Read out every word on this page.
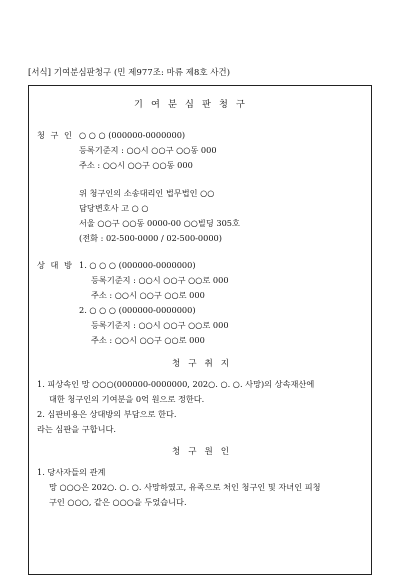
[서식] 기여분심판청구 (민 제977조: 마류 제8호 사건)
기 여 분 심 판 청 구
청 구 인 ○ ○ ○ (000000-0000000)
등록기준지 : ○○시 ○○구 ○○동 000
주소 : ○○시 ○○구 ○○동 000
위 청구인의 소송대리인 법무법인 ○○
담당변호사 고 ○ ○
서울 ○○구 ○○동 0000-00 ○○빌딩 305호
(전화 : 02-500-0000 / 02-500-0000)
상 대 방 1. ○ ○ ○ (000000-0000000)
등록기준지 : ○○시 ○○구 ○○로 000
주소 : ○○시 ○○구 ○○로 000
2. ○ ○ ○ (000000-0000000)
등록기준지 : ○○시 ○○구 ○○로 000
주소 : ○○시 ○○구 ○○로 000
청 구 취 지
1. 피상속인 망 ○○○(000000-0000000, 202○. ○. ○. 사망)의 상속재산에
대한 청구인의 기여분을 0억 원으로 정한다.
2. 심판비용은 상대방의 부담으로 한다.
라는 심판을 구합니다.
청 구 원 인
1. 당사자들의 관계
망 ○○○은 202○. ○. ○. 사망하였고, 유족으로 처인 청구인 및 자녀인 피청
구인 ○○○, 같은 ○○○을 두었습니다.
